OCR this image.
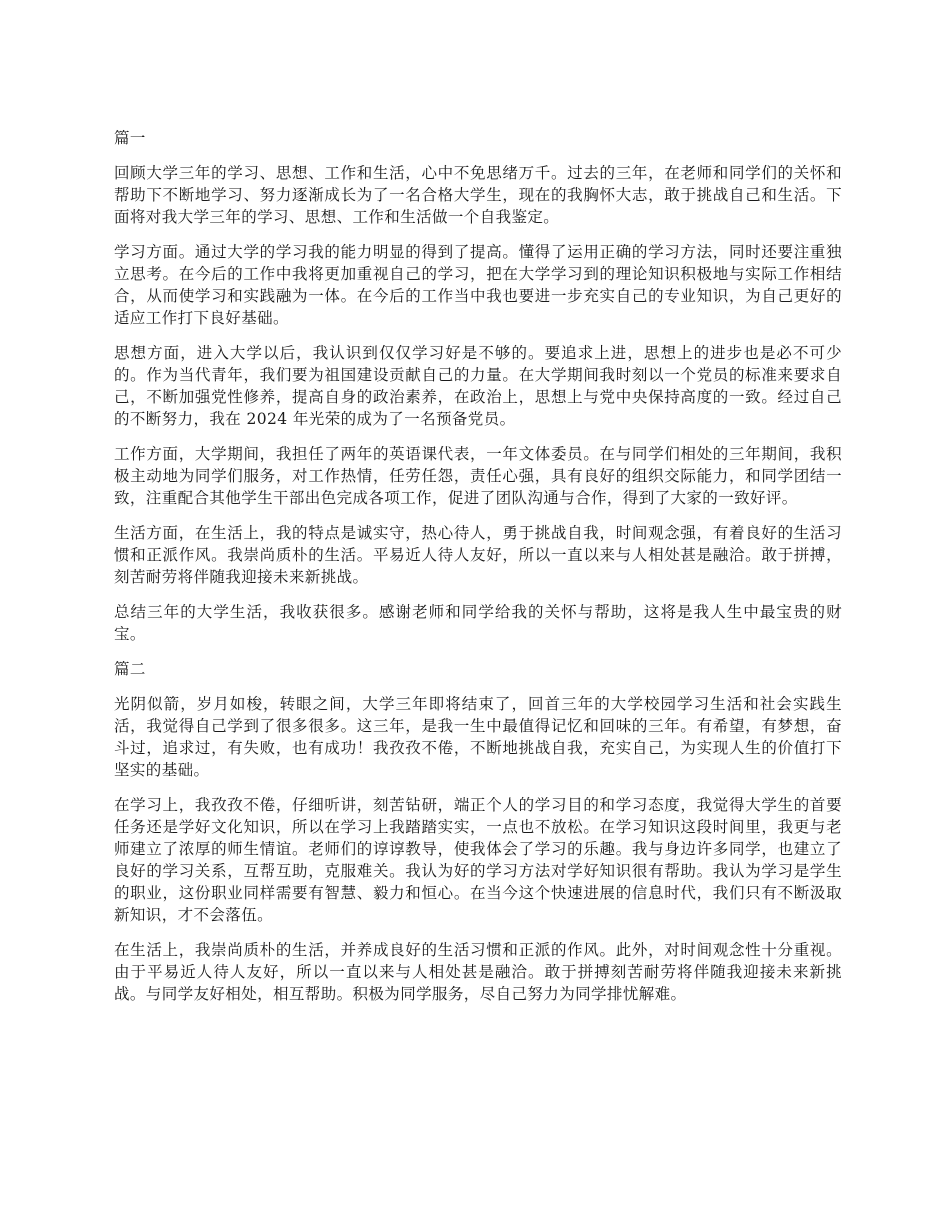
篇一

回顾大学三年的学习、思想、工作和生活，心中不免思绪万千。过去的三年，在老师和同学们的关怀和帮助下不断地学习、努力逐渐成长为了一名合格大学生，现在的我胸怀大志，敢于挑战自己和生活。下面将对我大学三年的学习、思想、工作和生活做一个自我鉴定。

学习方面。通过大学的学习我的能力明显的得到了提高。懂得了运用正确的学习方法，同时还要注重独立思考。在今后的工作中我将更加重视自己的学习，把在大学学习到的理论知识积极地与实际工作相结合，从而使学习和实践融为一体。在今后的工作当中我也要进一步充实自己的专业知识，为自己更好的适应工作打下良好基础。

思想方面，进入大学以后，我认识到仅仅学习好是不够的。要追求上进，思想上的进步也是必不可少的。作为当代青年，我们要为祖国建设贡献自己的力量。在大学期间我时刻以一个党员的标准来要求自己，不断加强党性修养，提高自身的政治素养，在政治上，思想上与党中央保持高度的一致。经过自己的不断努力，我在 2024 年光荣的成为了一名预备党员。

工作方面，大学期间，我担任了两年的英语课代表，一年文体委员。在与同学们相处的三年期间，我积极主动地为同学们服务，对工作热情，任劳任怨，责任心强，具有良好的组织交际能力，和同学团结一致，注重配合其他学生干部出色完成各项工作，促进了团队沟通与合作，得到了大家的一致好评。

生活方面，在生活上，我的特点是诚实守，热心待人，勇于挑战自我，时间观念强，有着良好的生活习惯和正派作风。我崇尚质朴的生活。平易近人待人友好，所以一直以来与人相处甚是融洽。敢于拼搏，刻苦耐劳将伴随我迎接未来新挑战。

总结三年的大学生活，我收获很多。感谢老师和同学给我的关怀与帮助，这将是我人生中最宝贵的财宝。

篇二

光阴似箭，岁月如梭，转眼之间，大学三年即将结束了，回首三年的大学校园学习生活和社会实践生活，我觉得自己学到了很多很多。这三年，是我一生中最值得记忆和回味的三年。有希望，有梦想，奋斗过，追求过，有失败，也有成功！我孜孜不倦，不断地挑战自我，充实自己，为实现人生的价值打下坚实的基础。

在学习上，我孜孜不倦，仔细听讲，刻苦钻研，端正个人的学习目的和学习态度，我觉得大学生的首要任务还是学好文化知识，所以在学习上我踏踏实实，一点也不放松。在学习知识这段时间里，我更与老师建立了浓厚的师生情谊。老师们的谆谆教导，使我体会了学习的乐趣。我与身边许多同学，也建立了良好的学习关系，互帮互助，克服难关。我认为好的学习方法对学好知识很有帮助。我认为学习是学生的职业，这份职业同样需要有智慧、毅力和恒心。在当今这个快速进展的信息时代，我们只有不断汲取新知识，才不会落伍。

在生活上，我崇尚质朴的生活，并养成良好的生活习惯和正派的作风。此外，对时间观念性十分重视。由于平易近人待人友好，所以一直以来与人相处甚是融洽。敢于拼搏刻苦耐劳将伴随我迎接未来新挑战。与同学友好相处，相互帮助。积极为同学服务，尽自己努力为同学排忧解难。
